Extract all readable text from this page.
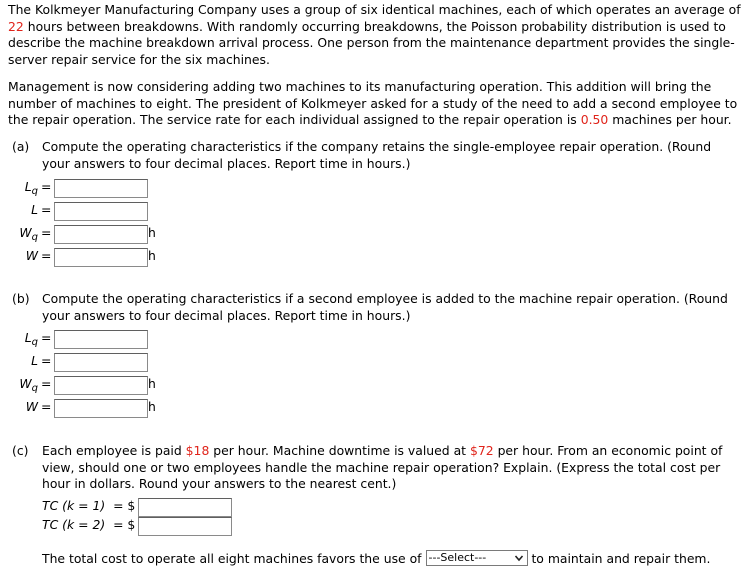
The Kolkmeyer Manufacturing Company uses a group of six identical machines, each of which operates an average of 22 hours between breakdowns. With randomly occurring breakdowns, the Poisson probability distribution is used to describe the machine breakdown arrival process. One person from the maintenance department provides the single-server repair service for the six machines.

Management is now considering adding two machines to its manufacturing operation. This addition will bring the number of machines to eight. The president of Kolkmeyer asked for a study of the need to add a second employee to the repair operation. The service rate for each individual assigned to the repair operation is 0.50 machines per hour.

(a) Compute the operating characteristics if the company retains the single-employee repair operation. (Round your answers to four decimal places. Report time in hours.)

$L_q$ =
L =
$W_q$ =	h
W =	h
(b) Compute the operating characteristics if a second employee is added to the machine repair operation. (Round your answers to four decimal places. Report time in hours.)

$L_q$ =
L =
$W_q$ =	h
W =	h
(c) Each employee is paid $18 per hour. Machine downtime is valued at $72 per hour. From an economic point of view, should one or two employees handle the machine repair operation? Explain. (Express the total cost per hour in dollars. Round your answers to the nearest cent.)

TC (k = 1) = $
TC (k = 2) = $
The total cost to operate all eight machines favors the use of ---Select---	to maintain and repair them.
